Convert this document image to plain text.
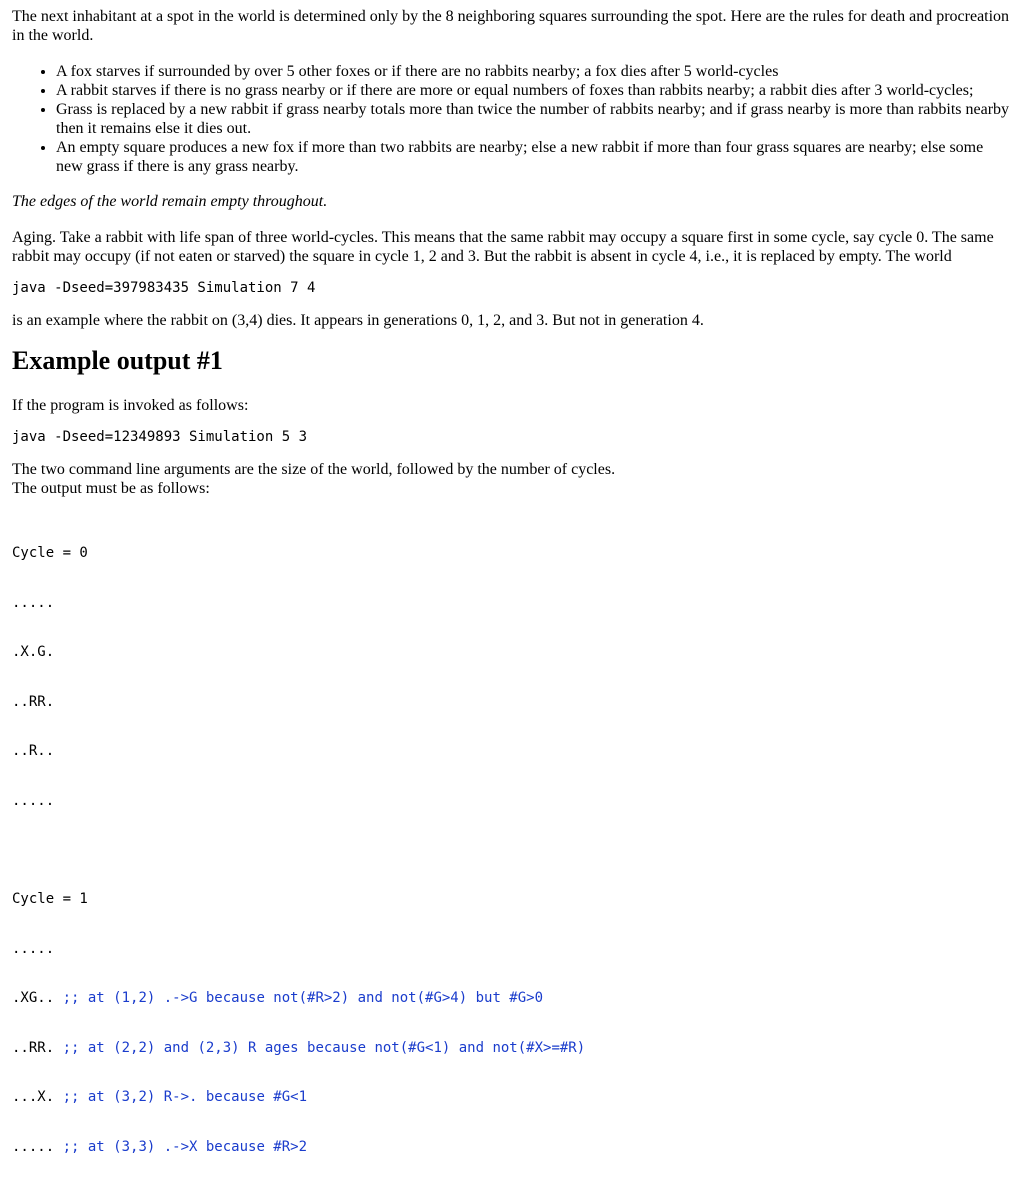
The next inhabitant at a spot in the world is determined only by the 8 neighboring squares surrounding the spot. Here are the rules for death and procreation in the world.

• A fox starves if surrounded by over 5 other foxes or if there are no rabbits nearby; a fox dies after 5 world-cycles
• A rabbit starves if there is no grass nearby or if there are more or equal numbers of foxes than rabbits nearby; a rabbit dies after 3 world-cycles;
• Grass is replaced by a new rabbit if grass nearby totals more than twice the number of rabbits nearby; and if grass nearby is more than rabbits nearby then it remains else it dies out.
• An empty square produces a new fox if more than two rabbits are nearby; else a new rabbit if more than four grass squares are nearby; else some new grass if there is any grass nearby.

The edges of the world remain empty throughout.

Aging. Take a rabbit with life span of three world-cycles. This means that the same rabbit may occupy a square first in some cycle, say cycle 0. The same rabbit may occupy (if not eaten or starved) the square in cycle 1, 2 and 3. But the rabbit is absent in cycle 4, i.e., it is replaced by empty. The world

java -Dseed=397983435 Simulation 7 4

is an example where the rabbit on (3,4) dies. It appears in generations 0, 1, 2, and 3. But not in generation 4.

Example output #1

If the program is invoked as follows:

java -Dseed=12349893 Simulation 5 3
The two command line arguments are the size of the world, followed by the number of cycles.
The output must be as follows:

Cycle = 0

.....

.X.G.

..RR.

..R..

.....

Cycle = 1

.....

.XG.. ;; at (1,2) .->G because not(#R>2) and not(#G>4) but #G>0

..RR. ;; at (2,2) and (2,3) R ages because not(#G<1) and not(#X>=#R)

...X. ;; at (3,2) R->. because #G<1

..... ;; at (3,3) .->X because #R>2
